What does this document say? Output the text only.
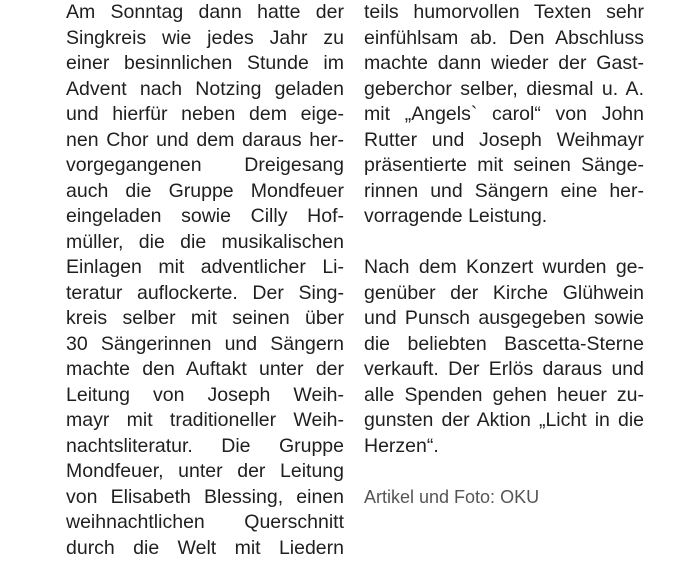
Am Sonntag dann hatte der
Singkreis wie jedes Jahr zu
einer besinnlichen Stunde im
Advent nach Notzing geladen
und hierfür neben dem eige-
nen Chor und dem daraus her-
vorgegangenen Dreigesang
auch die Gruppe Mondfeuer
eingeladen sowie Cilly Hof-
müller, die die musikalischen
Einlagen mit adventlicher Li-
teratur auflockerte. Der Sing-
kreis selber mit seinen über
30 Sängerinnen und Sängern
machte den Auftakt unter der
Leitung von Joseph Weih-
mayr mit traditioneller Weih-
nachtsliteratur. Die Gruppe
Mondfeuer, unter der Leitung
von Elisabeth Blessing, einen
weihnachtlichen Querschnitt
durch die Welt mit Liedern
teils humorvollen Texten sehr
einfühlsam ab. Den Abschluss
machte dann wieder der Gast-
geberchor selber, diesmal u. A.
mit „Angels` carol“ von John
Rutter und Joseph Weihmayr
präsentierte mit seinen Sänge-
rinnen und Sängern eine her-
vorragende Leistung.
Nach dem Konzert wurden ge-
genüber der Kirche Glühwein
und Punsch ausgegeben sowie
die beliebten Bascetta-Sterne
verkauft. Der Erlös daraus und
alle Spenden gehen heuer zu-
gunsten der Aktion „Licht in die
Herzen“.
Artikel und Foto: OKU
